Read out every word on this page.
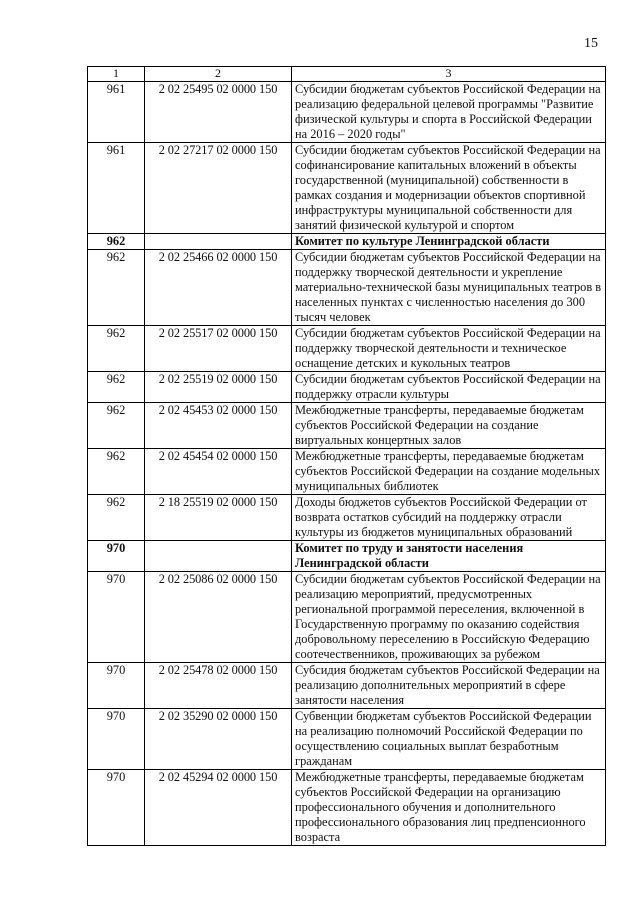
15
1	2	3
961	2 02 25495 02 0000 150	Субсидии бюджетам субъектов Российской Федерации на реализацию федеральной целевой программы "Развитие физической культуры и спорта в Российской Федерации на 2016 – 2020 годы"
961	2 02 27217 02 0000 150	Субсидии бюджетам субъектов Российской Федерации на софинансирование капитальных вложений в объекты государственной (муниципальной) собственности в рамках создания и модернизации объектов спортивной инфраструктуры муниципальной собственности для занятий физической культурой и спортом
962		Комитет по культуре Ленинградской области
962	2 02 25466 02 0000 150	Субсидии бюджетам субъектов Российской Федерации на поддержку творческой деятельности и укрепление материально-технической базы муниципальных театров в населенных пунктах с численностью населения до 300 тысяч человек
962	2 02 25517 02 0000 150	Субсидии бюджетам субъектов Российской Федерации на поддержку творческой деятельности и техническое оснащение детских и кукольных театров
962	2 02 25519 02 0000 150	Субсидии бюджетам субъектов Российской Федерации на поддержку отрасли культуры
962	2 02 45453 02 0000 150	Межбюджетные трансферты, передаваемые бюджетам субъектов Российской Федерации на создание виртуальных концертных залов
962	2 02 45454 02 0000 150	Межбюджетные трансферты, передаваемые бюджетам субъектов Российской Федерации на создание модельных муниципальных библиотек
962	2 18 25519 02 0000 150	Доходы бюджетов субъектов Российской Федерации от возврата остатков субсидий на поддержку отрасли культуры из бюджетов муниципальных образований
970		Комитет по труду и занятости населения Ленинградской области
970	2 02 25086 02 0000 150	Субсидии бюджетам субъектов Российской Федерации на реализацию мероприятий, предусмотренных региональной программой переселения, включенной в Государственную программу по оказанию содействия добровольному переселению в Российскую Федерацию соотечественников, проживающих за рубежом
970	2 02 25478 02 0000 150	Субсидия бюджетам субъектов Российской Федерации на реализацию дополнительных мероприятий в сфере занятости населения
970	2 02 35290 02 0000 150	Субвенции бюджетам субъектов Российской Федерации на реализацию полномочий Российской Федерации по осуществлению социальных выплат безработным гражданам
970	2 02 45294 02 0000 150	Межбюджетные трансферты, передаваемые бюджетам субъектов Российской Федерации на организацию профессионального обучения и дополнительного профессионального образования лиц предпенсионного возраста
